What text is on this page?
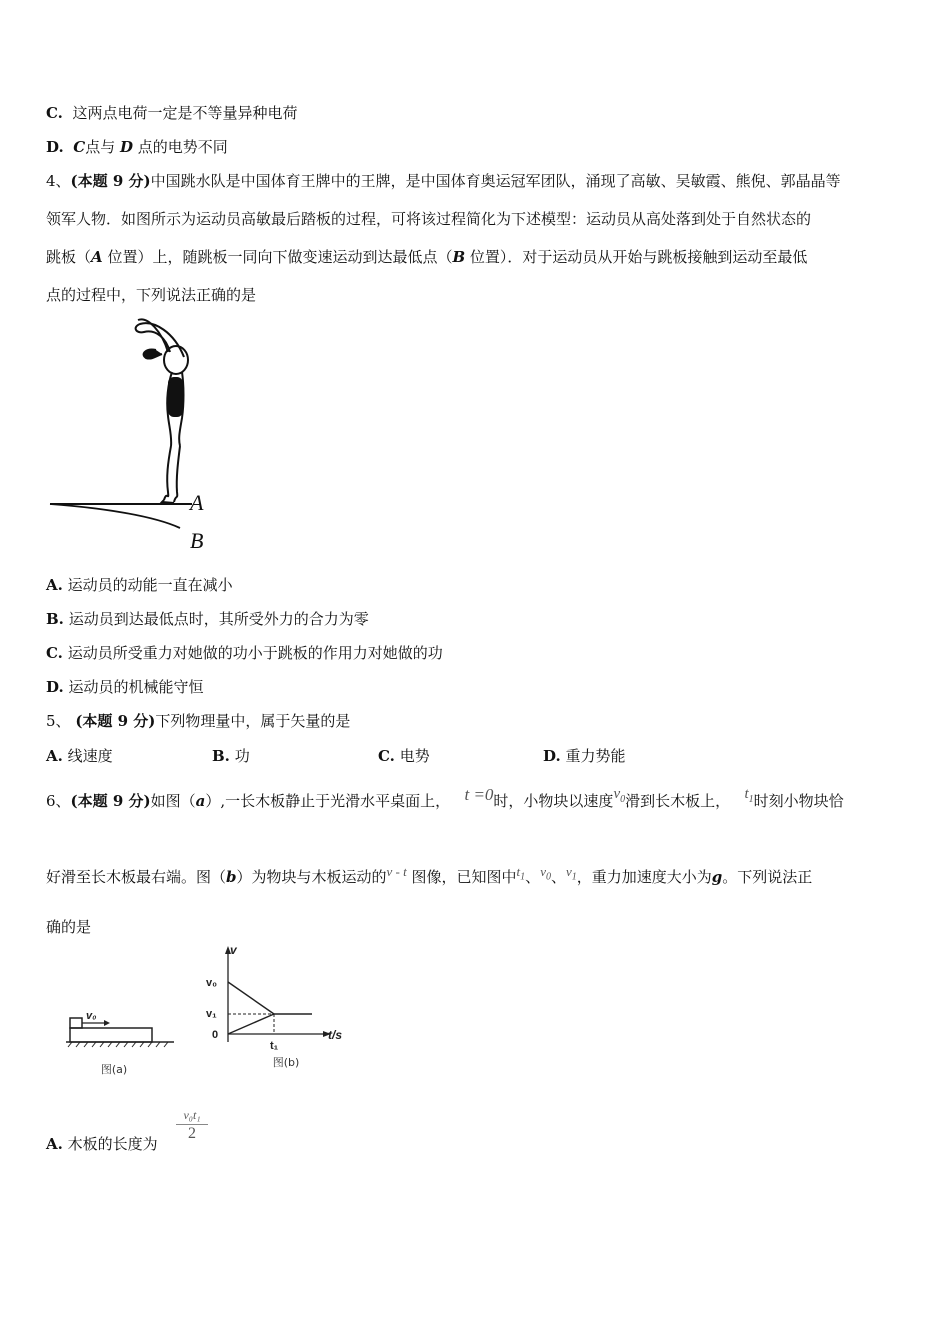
C. 这两点电荷一定是不等量异种电荷
D. C点与 D 点的电势不同
4、(本题 9 分)中国跳水队是中国体育王牌中的王牌，是中国体育奥运冠军团队，涌现了高敏、吴敏霞、熊倪、郭晶晶等
领军人物．如图所示为运动员高敏最后踏板的过程，可将该过程简化为下述模型：运动员从高处落到处于自然状态的
跳板（A 位置）上，随跳板一同向下做变速运动到达最低点（B 位置）．对于运动员从开始与跳板接触到运动至最低
点的过程中，下列说法正确的是
A
B
A. 运动员的动能一直在减小
B. 运动员到达最低点时，其所受外力的合力为零
C. 运动员所受重力对她做的功小于跳板的作用力对她做的功
D. 运动员的机械能守恒
5、 (本题 9 分)下列物理量中，属于矢量的是
A. 线速度	B. 功	C. 电势	D. 重力势能
6、(本题 9 分)如图（a）,一长木板静止于光滑水平桌面上， t =0时，小物块以速度$v_0$滑到长木板上， $t_1$时刻小物块恰
好滑至长木板最右端。图（b）为物块与木板运动的v - t 图像，已知图中$t_1$、$v_0$、$v_1$，重力加速度大小为g。下列说法正
确的是
v₀
图(a)
v
v₀
v₁
0	t/s
t₁
图(b)
A. 木板的长度为
v₀t₁
2
